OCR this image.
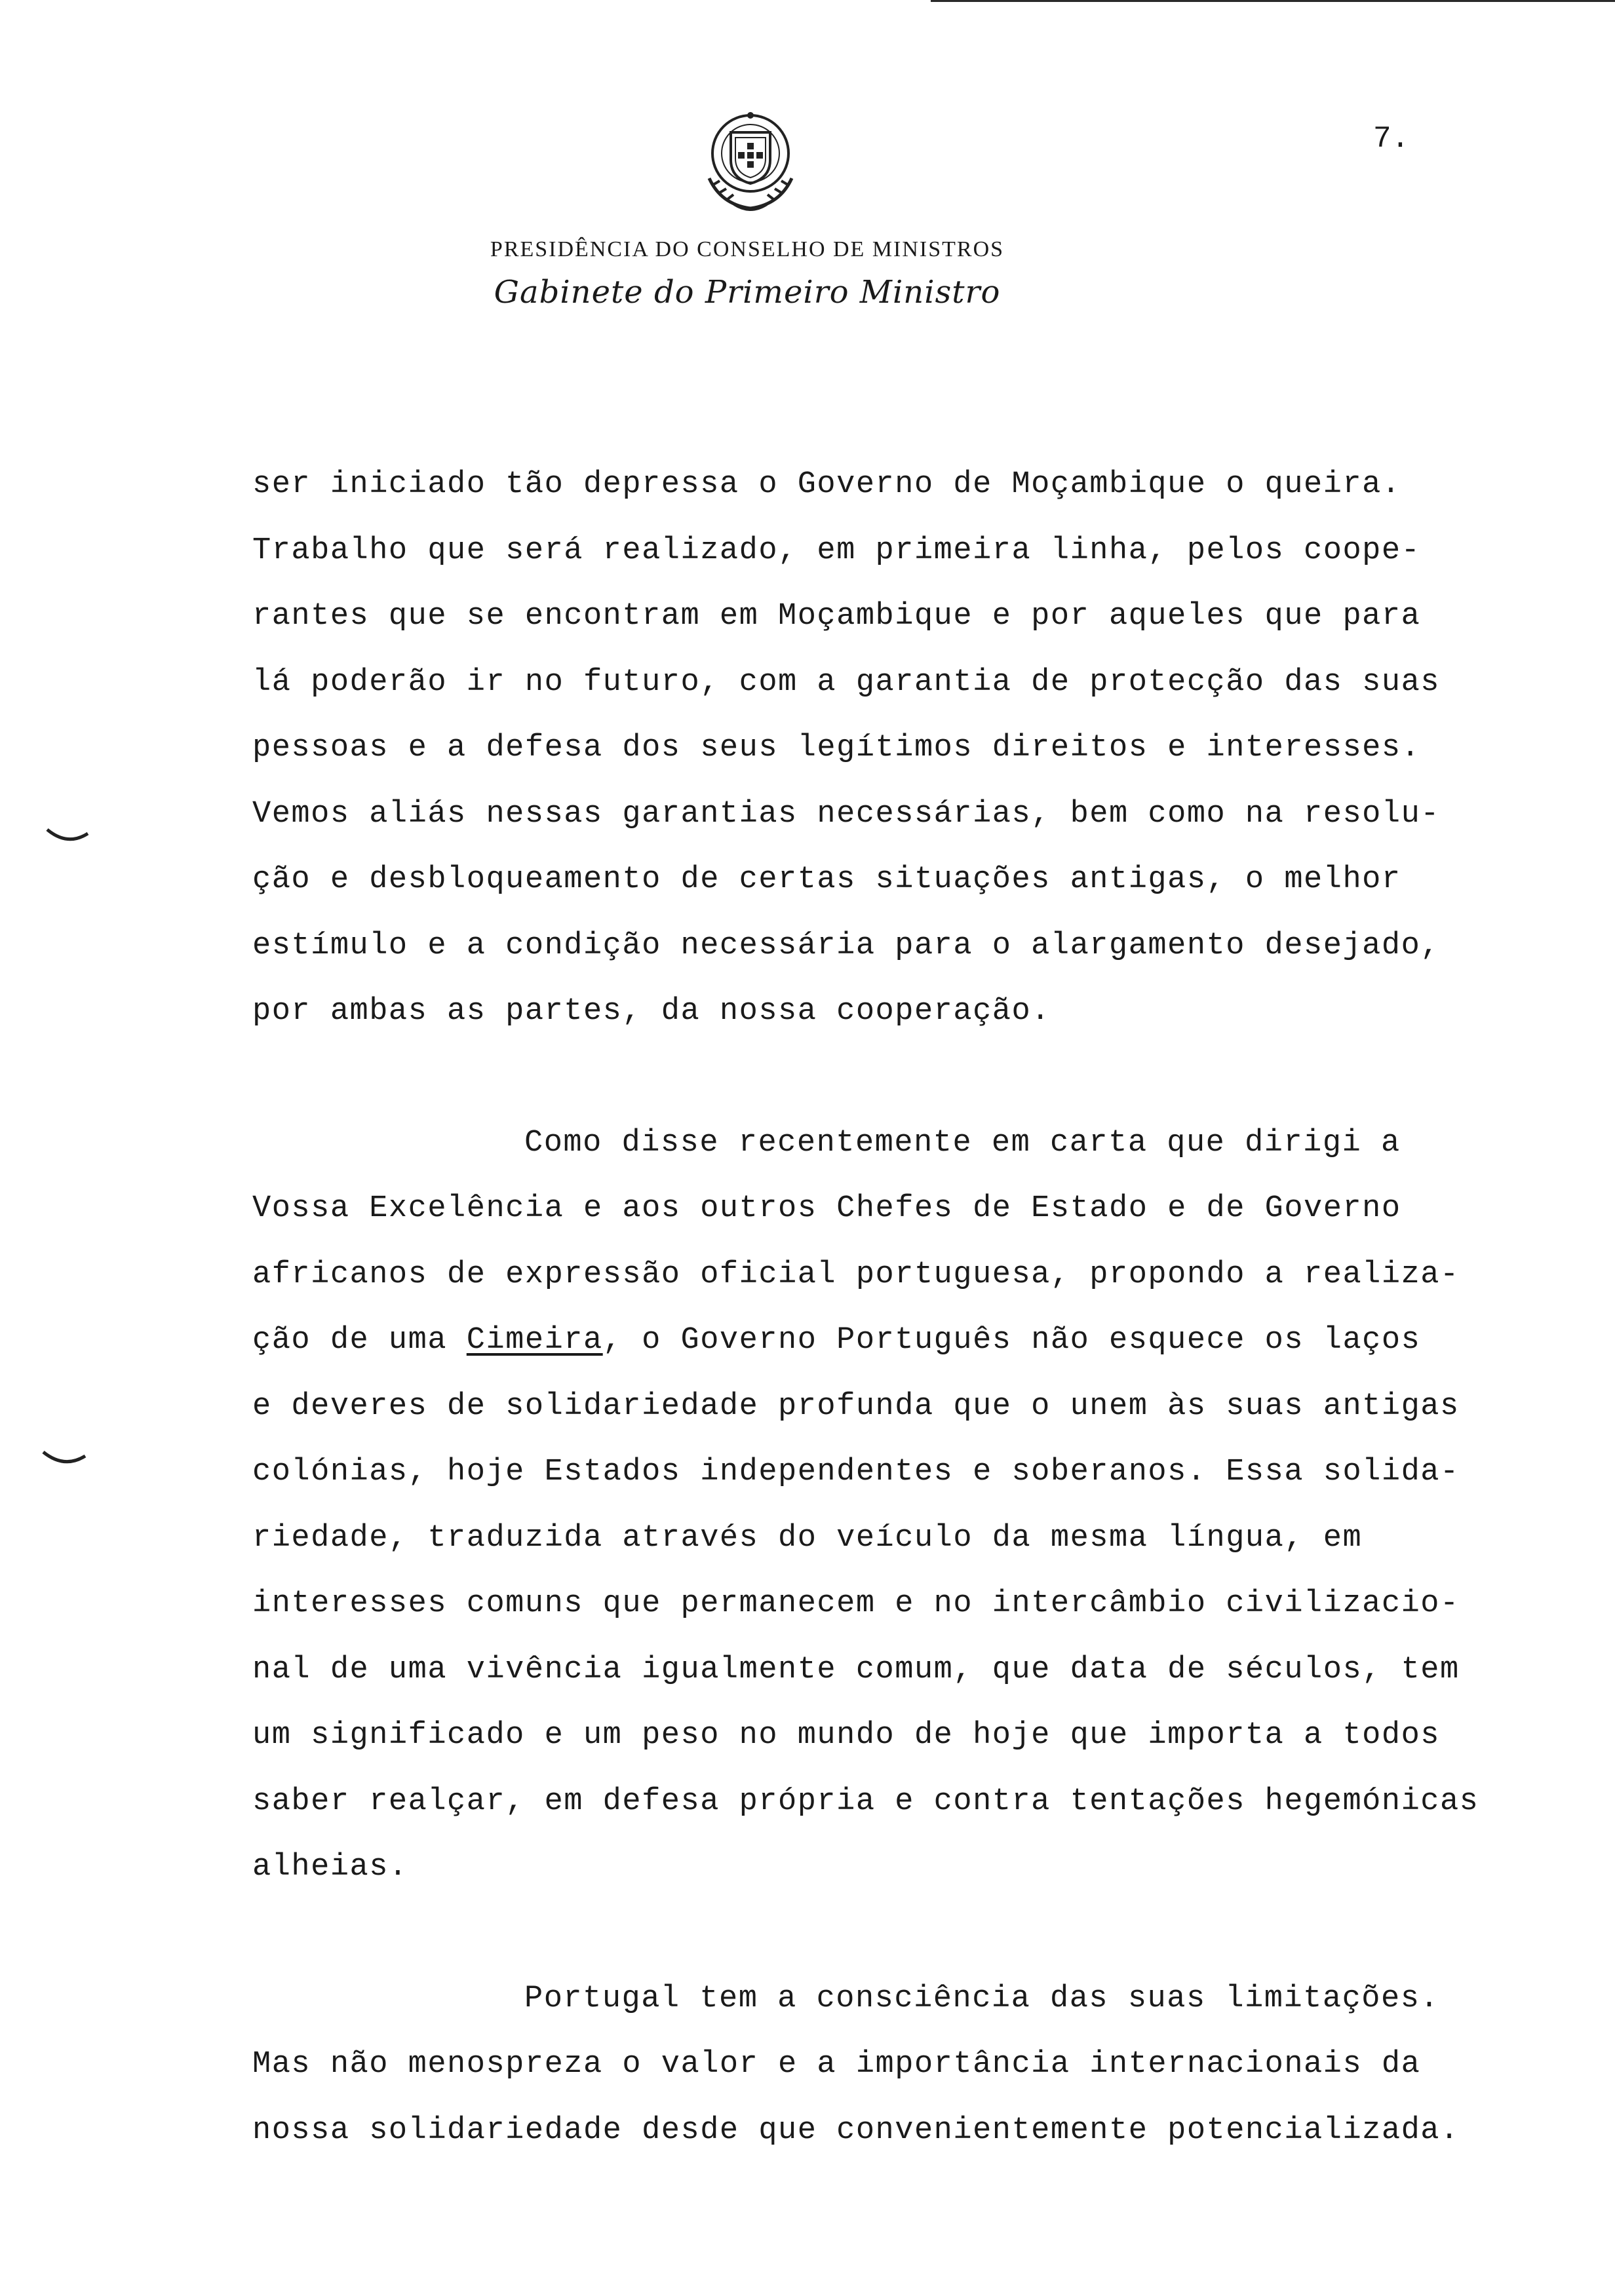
7.
PRESIDÊNCIA DO CONSELHO DE MINISTROS
Gabinete do Primeiro Ministro
ser iniciado tão depressa o Governo de Moçambique o queira.
Trabalho que será realizado, em primeira linha, pelos coope-
rantes que se encontram em Moçambique e por aqueles que para
lá poderão ir no futuro, com a garantia de protecção das suas
pessoas e a defesa dos seus legítimos direitos e interesses.
Vemos aliás nessas garantias necessárias, bem como na resolu-
ção e desbloqueamento de certas situações antigas, o melhor
estímulo e a condição necessária para o alargamento desejado,
por ambas as partes, da nossa cooperação.
Como disse recentemente em carta que dirigi a
Vossa Excelência e aos outros Chefes de Estado e de Governo
africanos de expressão oficial portuguesa, propondo a realiza-
ção de uma Cimeira, o Governo Português não esquece os laços
e deveres de solidariedade profunda que o unem às suas antigas
colónias, hoje Estados independentes e soberanos. Essa solida-
riedade, traduzida através do veículo da mesma língua, em
interesses comuns que permanecem e no intercâmbio civilizacio-
nal de uma vivência igualmente comum, que data de séculos, tem
um significado e um peso no mundo de hoje que importa a todos
saber realçar, em defesa própria e contra tentações hegemónicas
alheias.
Portugal tem a consciência das suas limitações.
Mas não menospreza o valor e a importância internacionais da
nossa solidariedade desde que convenientemente potencializada.
